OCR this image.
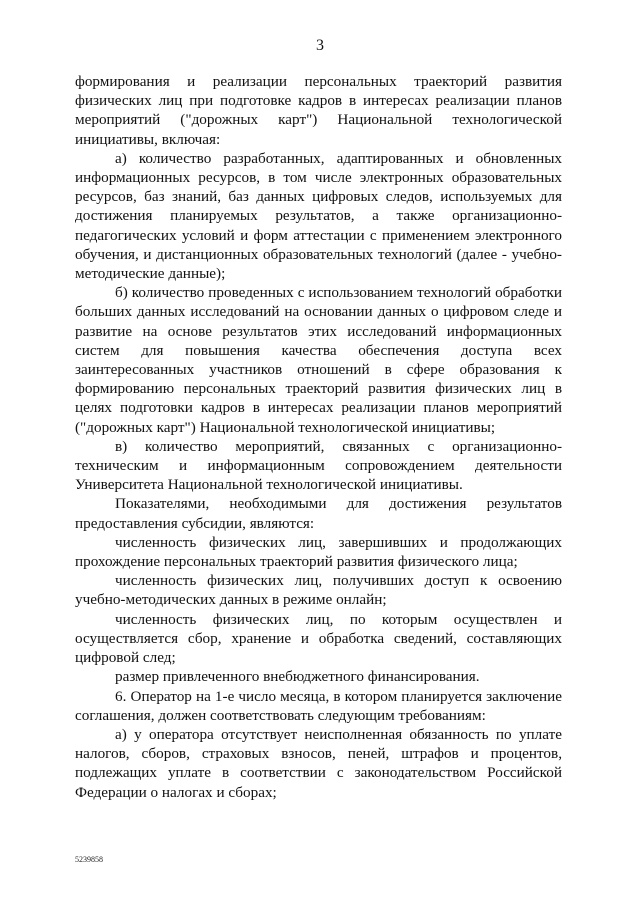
3

формирования и реализации персональных траекторий развития физических лиц при подготовке кадров в интересах реализации планов мероприятий ("дорожных карт") Национальной технологической инициативы, включая:

а) количество разработанных, адаптированных и обновленных информационных ресурсов, в том числе электронных образовательных ресурсов, баз знаний, баз данных цифровых следов, используемых для достижения планируемых результатов, а также организационно-педагогических условий и форм аттестации с применением электронного обучения, и дистанционных образовательных технологий (далее - учебно-методические данные);

б) количество проведенных с использованием технологий обработки больших данных исследований на основании данных о цифровом следе и развитие на основе результатов этих исследований информационных систем для повышения качества обеспечения доступа всех заинтересованных участников отношений в сфере образования к формированию персональных траекторий развития физических лиц в целях подготовки кадров в интересах реализации планов мероприятий ("дорожных карт") Национальной технологической инициативы;

в) количество мероприятий, связанных с организационно-техническим и информационным сопровождением деятельности Университета Национальной технологической инициативы.

Показателями, необходимыми для достижения результатов предоставления субсидии, являются:

численность физических лиц, завершивших и продолжающих прохождение персональных траекторий развития физического лица;

численность физических лиц, получивших доступ к освоению учебно-методических данных в режиме онлайн;

численность физических лиц, по которым осуществлен и осуществляется сбор, хранение и обработка сведений, составляющих цифровой след;

размер привлеченного внебюджетного финансирования.

6. Оператор на 1-е число месяца, в котором планируется заключение соглашения, должен соответствовать следующим требованиям:

а) у оператора отсутствует неисполненная обязанность по уплате налогов, сборов, страховых взносов, пеней, штрафов и процентов, подлежащих уплате в соответствии с законодательством Российской Федерации о налогах и сборах;

5239858
